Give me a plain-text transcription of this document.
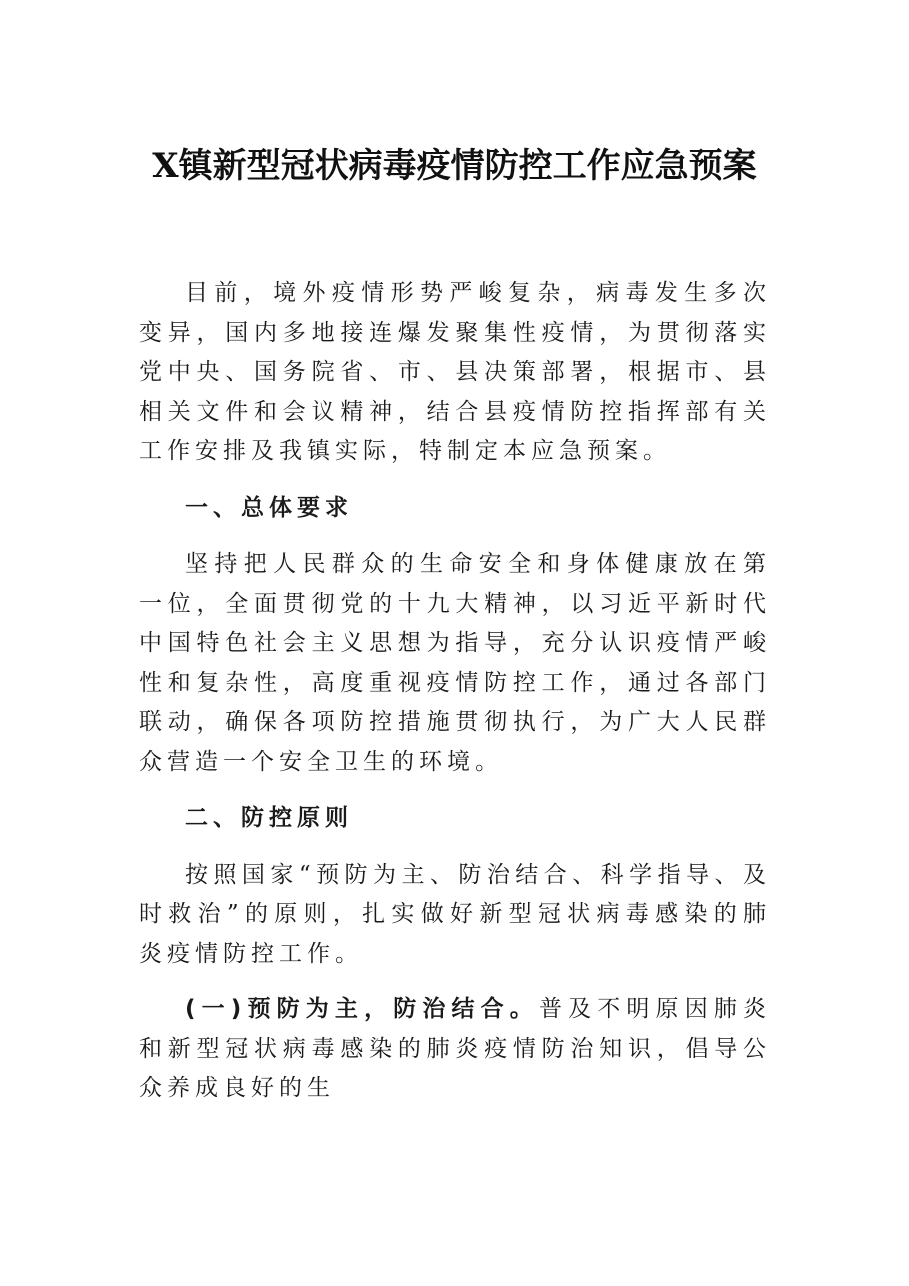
X镇新型冠状病毒疫情防控工作应急预案

目前，境外疫情形势严峻复杂，病毒发生多次变异，国内多地接连爆发聚集性疫情，为贯彻落实党中央、国务院省、市、县决策部署，根据市、县相关文件和会议精神，结合县疫情防控指挥部有关工作安排及我镇实际，特制定本应急预案。

一、总体要求

坚持把人民群众的生命安全和身体健康放在第一位，全面贯彻党的十九大精神，以习近平新时代中国特色社会主义思想为指导，充分认识疫情严峻性和复杂性，高度重视疫情防控工作，通过各部门联动，确保各项防控措施贯彻执行，为广大人民群众营造一个安全卫生的环境。

二、防控原则

按照国家“预防为主、防治结合、科学指导、及时救治”的原则，扎实做好新型冠状病毒感染的肺炎疫情防控工作。

(一)预防为主，防治结合。普及不明原因肺炎和新型冠状病毒感染的肺炎疫情防治知识，倡导公众养成良好的生
